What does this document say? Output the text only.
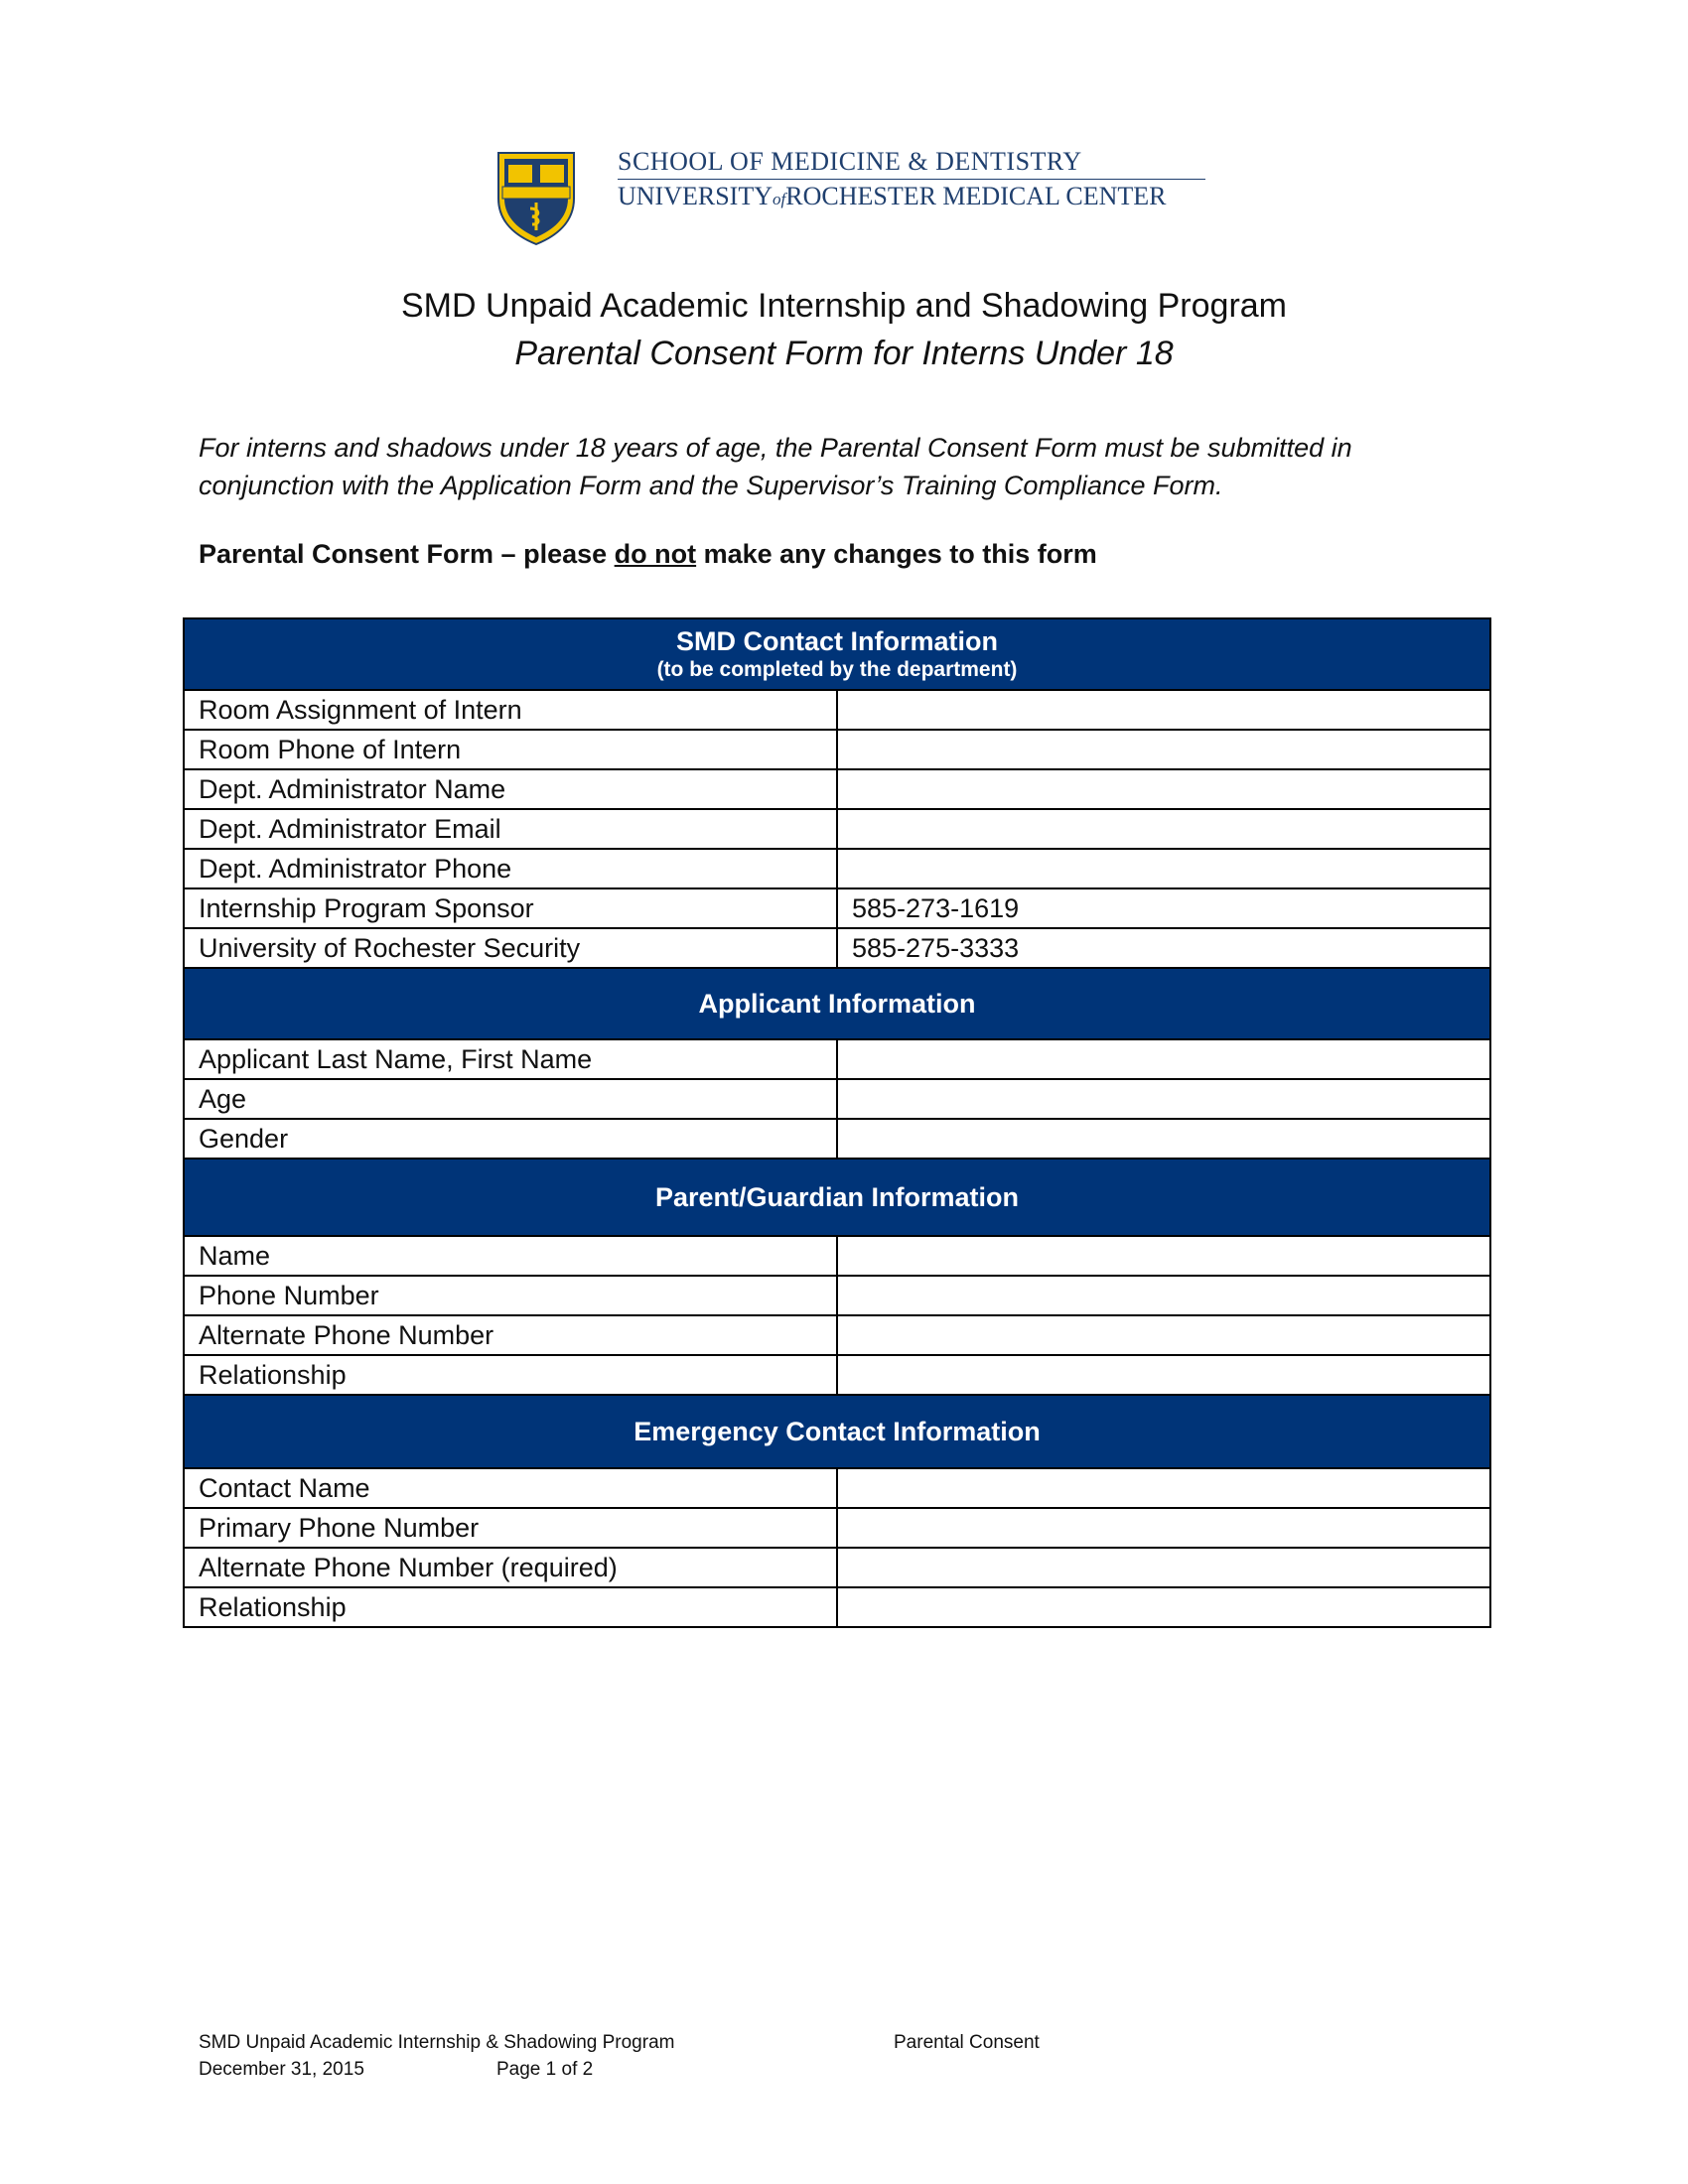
SCHOOL OF MEDICINE & DENTISTRY
UNIVERSITYofROCHESTER MEDICAL CENTER
SMD Unpaid Academic Internship and Shadowing Program
Parental Consent Form for Interns Under 18
For interns and shadows under 18 years of age, the Parental Consent Form must be submitted in conjunction with the Application Form and the Supervisor’s Training Compliance Form.
Parental Consent Form – please do not make any changes to this form
SMD Contact Information
(to be completed by the department)	

Room Assignment of Intern	
Room Phone of Intern	
Dept. Administrator Name	
Dept. Administrator Email	
Dept. Administrator Phone	
Internship Program Sponsor	585-273-1619
University of Rochester Security	585-275-3333

Applicant Information	

Applicant Last Name, First Name	
Age	
Gender	

Parent/Guardian Information	

Name	
Phone Number	
Alternate Phone Number	
Relationship	

Emergency Contact Information	

Contact Name	
Primary Phone Number	
Alternate Phone Number (required)	
Relationship	
SMD Unpaid Academic Internship & Shadowing Program	Parental Consent
December 31, 2015	Page 1 of 2
